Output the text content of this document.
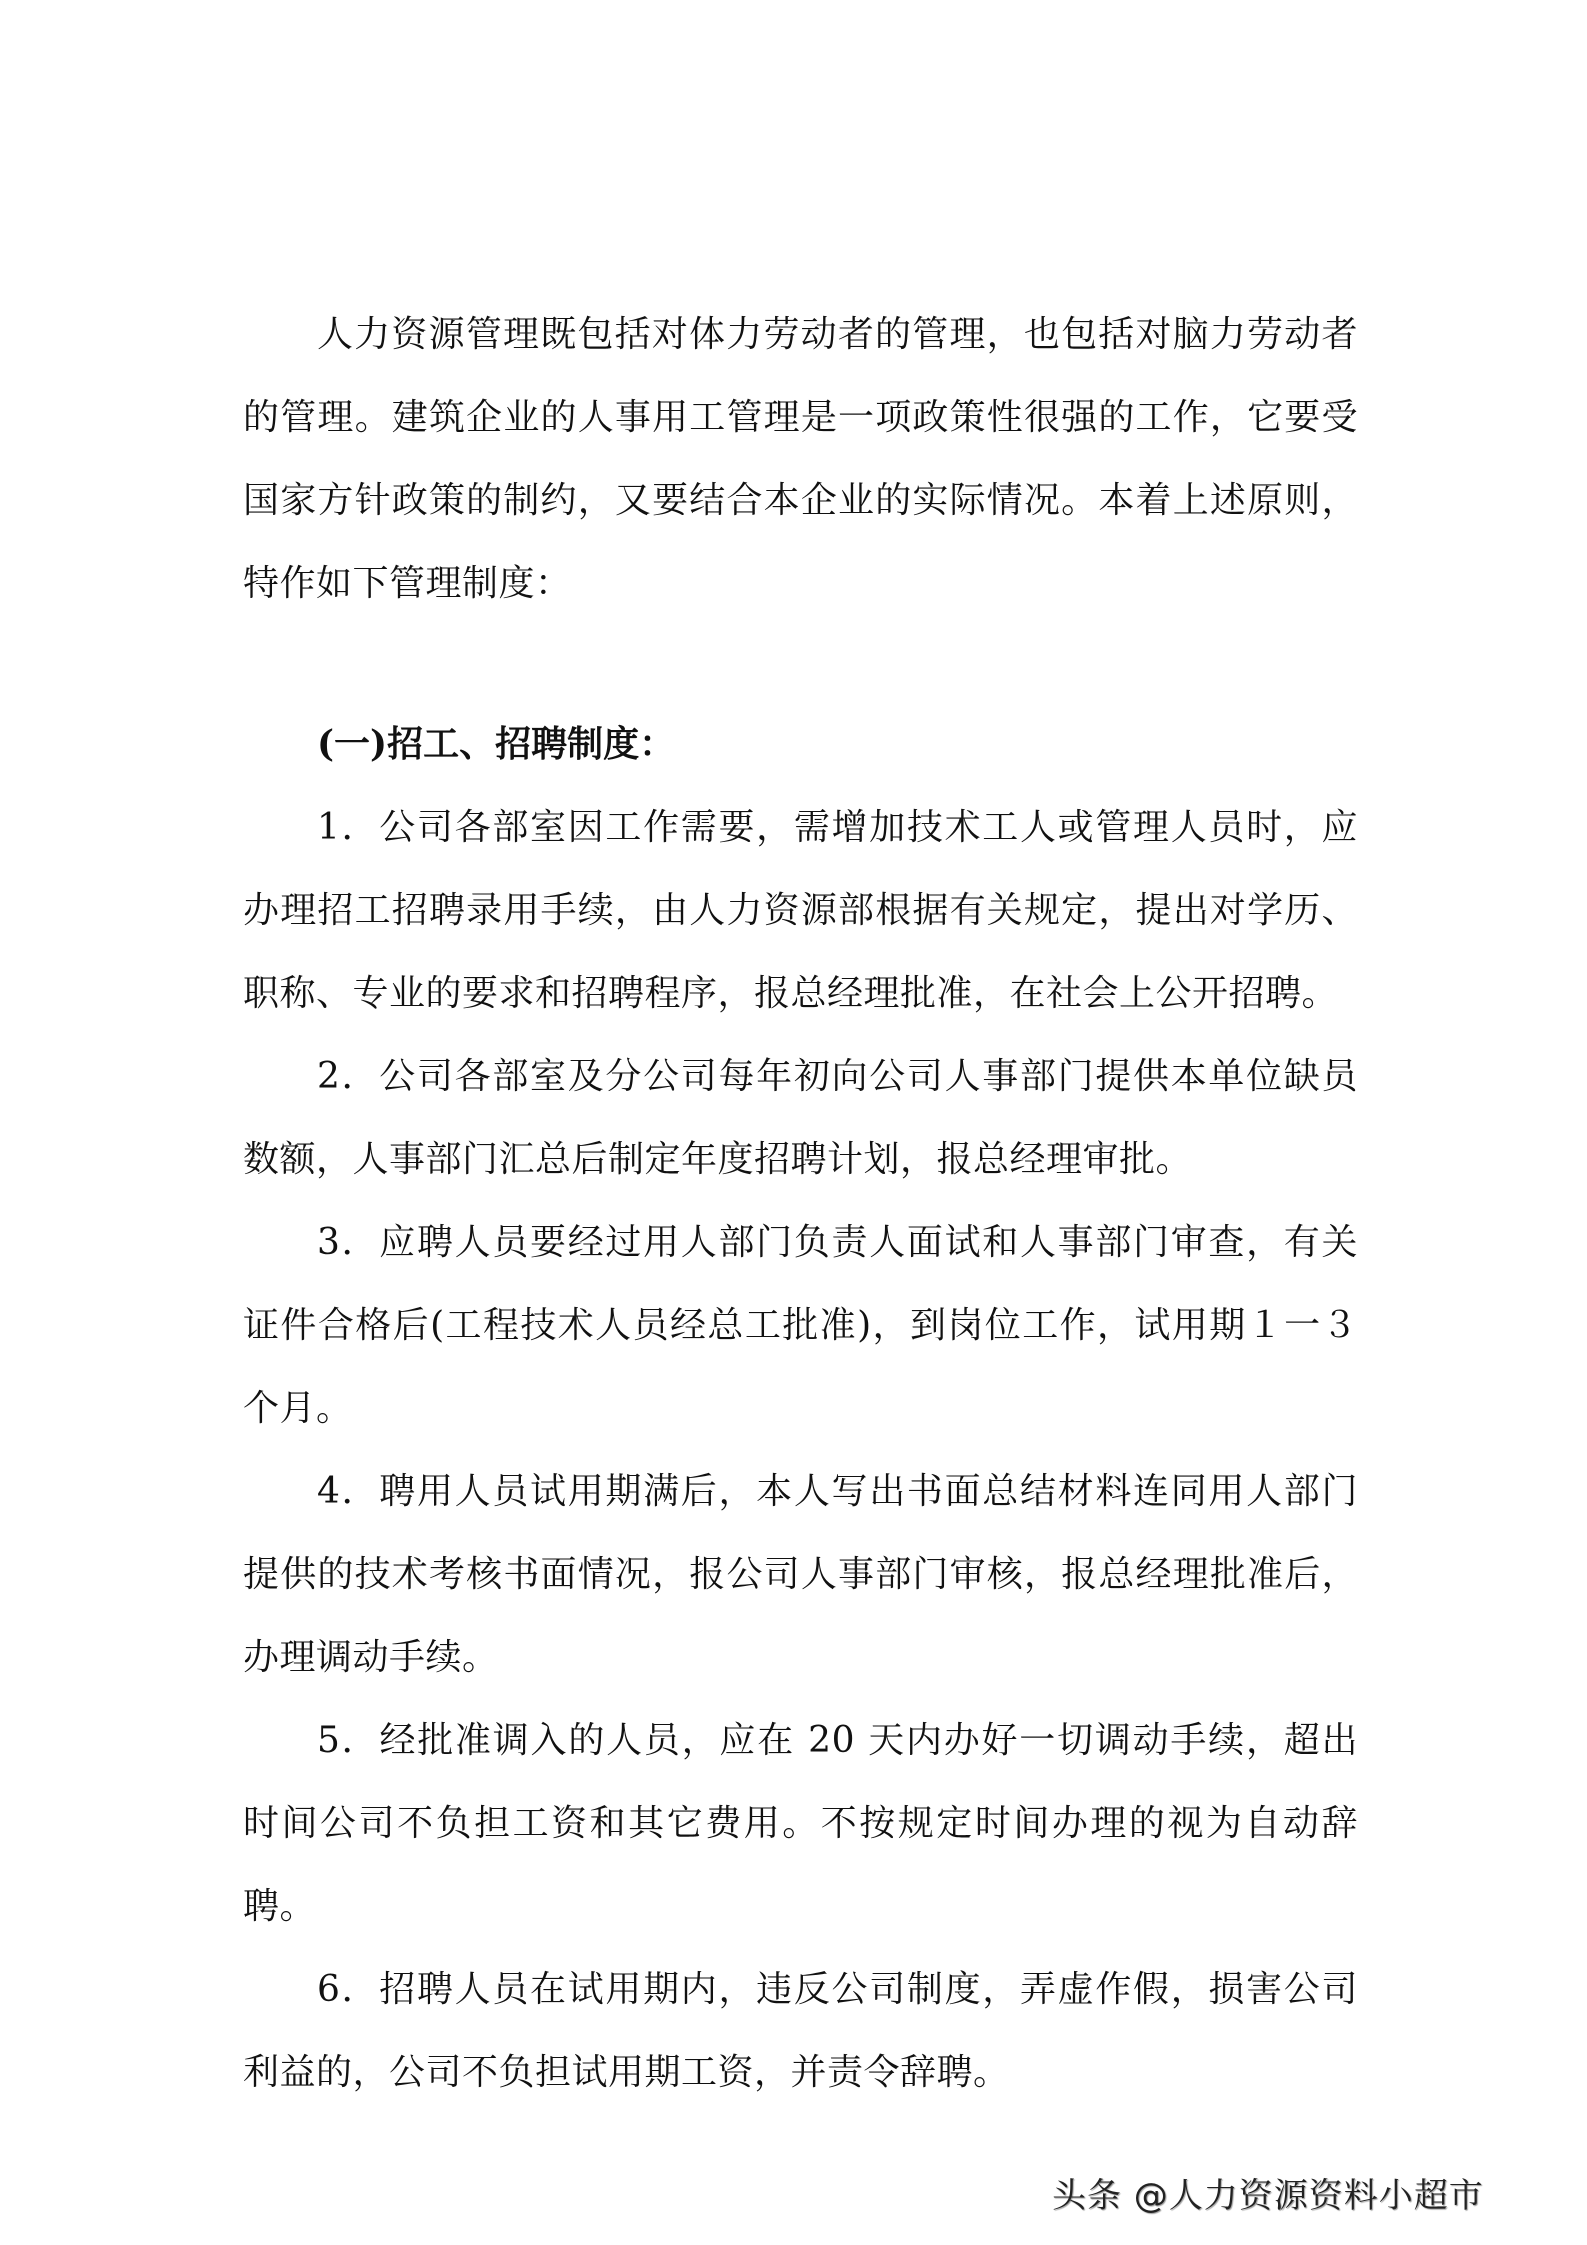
人力资源管理既包括对体力劳动者的管理，也包括对脑力劳动者的管理。建筑企业的人事用工管理是一项政策性很强的工作，它要受国家方针政策的制约，又要结合本企业的实际情况。本着上述原则，特作如下管理制度：

(一)招工、招聘制度：

1．公司各部室因工作需要，需增加技术工人或管理人员时，应办理招工招聘录用手续，由人力资源部根据有关规定，提出对学历、职称、专业的要求和招聘程序，报总经理批准，在社会上公开招聘。

2．公司各部室及分公司每年初向公司人事部门提供本单位缺员数额，人事部门汇总后制定年度招聘计划，报总经理审批。

3．应聘人员要经过用人部门负责人面试和人事部门审查，有关证件合格后(工程技术人员经总工批准)，到岗位工作，试用期１一３个月。

4．聘用人员试用期满后，本人写出书面总结材料连同用人部门提供的技术考核书面情况，报公司人事部门审核，报总经理批准后，办理调动手续。

5．经批准调入的人员，应在 20 天内办好一切调动手续，超出时间公司不负担工资和其它费用。不按规定时间办理的视为自动辞聘。

6．招聘人员在试用期内，违反公司制度，弄虚作假，损害公司利益的，公司不负担试用期工资，并责令辞聘。

头条 @人力资源资料小超市
